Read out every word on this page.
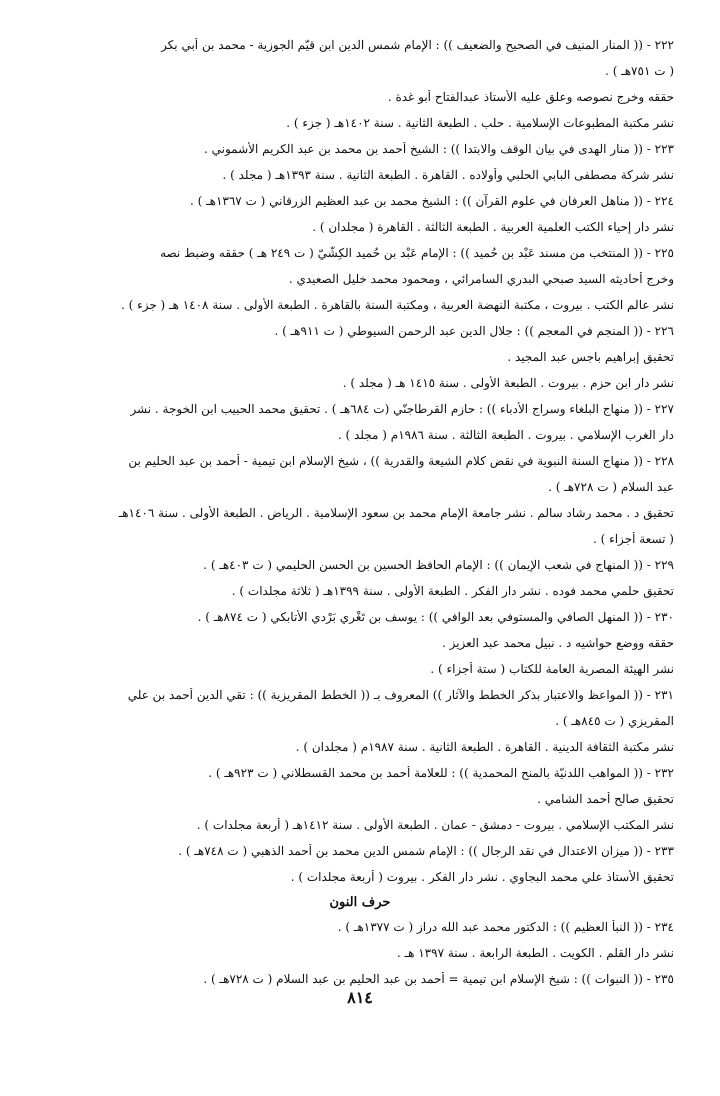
٢٢٢ - (( المنار المنيف في الصحيح والضعيف )) : الإمام شمس الدين ابن قيّم الجوزية - محمد بن أبي بكر
( ت ٧٥١هـ ) .
حققه وخرج نصوصه وعلق عليه الأستاذ عبدالفتاح أبو غدة .
نشر مكتبة المطبوعات الإسلامية . حلب . الطبعة الثانية . سنة ١٤٠٢هـ ( جزء ) .
٢٢٣ - (( منار الهدى في بيان الوقف والابتدا )) : الشيخ أحمد بن محمد بن عبد الكريم الأشموني .
نشر شركة مصطفى البابي الحلبي وأولاده . القاهرة . الطبعة الثانية . سنة ١٣٩٣هـ ( مجلد ) .
٢٢٤ - (( مناهل العرفان في علوم القرآن )) : الشيخ محمد بن عبد العظيم الزرقاني ( ت ١٣٦٧هـ ) .
نشر دار إحياء الكتب العلمية العربية . الطبعة الثالثة . القاهرة ( مجلدان ) .
٢٢٥ - (( المنتخب من مسند عَبْد بن حُميد )) : الإمام عَبْد بن حُميد الكِشّيّ ( ت ٢٤٩ هـ ) حققه وضبط نصه
وخرج أحاديثه السيد صبحي البدري السامرائي ، ومحمود محمد خليل الصعيدي .
نشر عالم الكتب . بيروت ، مكتبة النهضة العربية ، ومكتبة السنة بالقاهرة . الطبعة الأولى . سنة ١٤٠٨ هـ ( جزء ) .
٢٢٦ - (( المنجم في المعجم )) : جلال الدين عبد الرحمن السيوطي ( ت ٩١١هـ ) .
تحقيق إبراهيم باجس عبد المجيد .
نشر دار ابن حزم . بيروت . الطبعة الأولى . سنة ١٤١٥ هـ ( مجلد ) .
٢٢٧ - (( منهاج البلغاء وسراج الأدباء )) : حازم القرطاجنّي (ت ٦٨٤هـ ) . تحقيق محمد الحبيب ابن الخوجة . نشر
دار الغرب الإسلامي . بيروت . الطبعة الثالثة . سنة ١٩٨٦م ( مجلد ) .
٢٢٨ - (( منهاج السنة النبوية في نقض كلام الشيعة والقدرية )) ، شيخ الإسلام ابن تيمية - أحمد بن عبد الحليم بن
عبد السلام ( ت ٧٢٨هـ ) .
تحقيق د . محمد رشاد سالم . نشر جامعة الإمام محمد بن سعود الإسلامية . الرياض . الطبعة الأولى . سنة ١٤٠٦هـ
( تسعة أجزاء ) .
٢٢٩ - (( المنهاج في شعب الإيمان )) : الإمام الحافظ الحسين بن الحسن الحليمي ( ت ٤٠٣هـ ) .
تحقيق حلمي محمد فوده . نشر دار الفكر . الطبعة الأولى . سنة ١٣٩٩هـ ( ثلاثة مجلدات ) .
٢٣٠ - (( المنهل الصافي والمستوفي بعد الوافي )) : يوسف بن تَغْري بَرْدي الأتابكي ( ت ٨٧٤هـ ) .
حققه ووضع حواشيه د . نبيل محمد عبد العزيز .
نشر الهيئة المصرية العامة للكتاب ( ستة أجزاء ) .
٢٣١ - (( المواعظ والاعتبار بذكر الخطط والآثار )) المعروف بـ (( الخطط المقريزية )) : تقي الدين أحمد بن علي
المقريزي ( ت ٨٤٥هـ ) .
نشر مكتبة الثقافة الدينية . القاهرة . الطبعة الثانية . سنة ١٩٨٧م ( مجلدان ) .
٢٣٢ - (( المواهب اللدنيّة بالمنح المحمدية )) : للعلامة أحمد بن محمد القسطلاني ( ت ٩٢٣هـ ) .
تحقيق صالح أحمد الشامي .
نشر المكتب الإسلامي . بيروت - دمشق - عمان . الطبعة الأولى . سنة ١٤١٢هـ ( أربعة مجلدات ) .
٢٣٣ - (( ميزان الاعتدال في نقد الرجال )) : الإمام شمس الدين محمد بن أحمد الذهبي ( ت ٧٤٨هـ ) .
تحقيق الأستاذ علي محمد البجاوي . نشر دار الفكر . بيروت ( أربعة مجلدات ) .
حرف النون
٢٣٤ - (( النبأ العظيم )) : الدكتور محمد عبد الله دراز ( ت ١٣٧٧هـ ) .
نشر دار القلم . الكويت . الطبعة الرابعة . سنة ١٣٩٧ هـ .
٢٣٥ - (( النبوات )) : شيخ الإسلام ابن تيمية = أحمد بن عبد الحليم بن عبد السلام ( ت ٧٢٨هـ ) .
٨١٤
